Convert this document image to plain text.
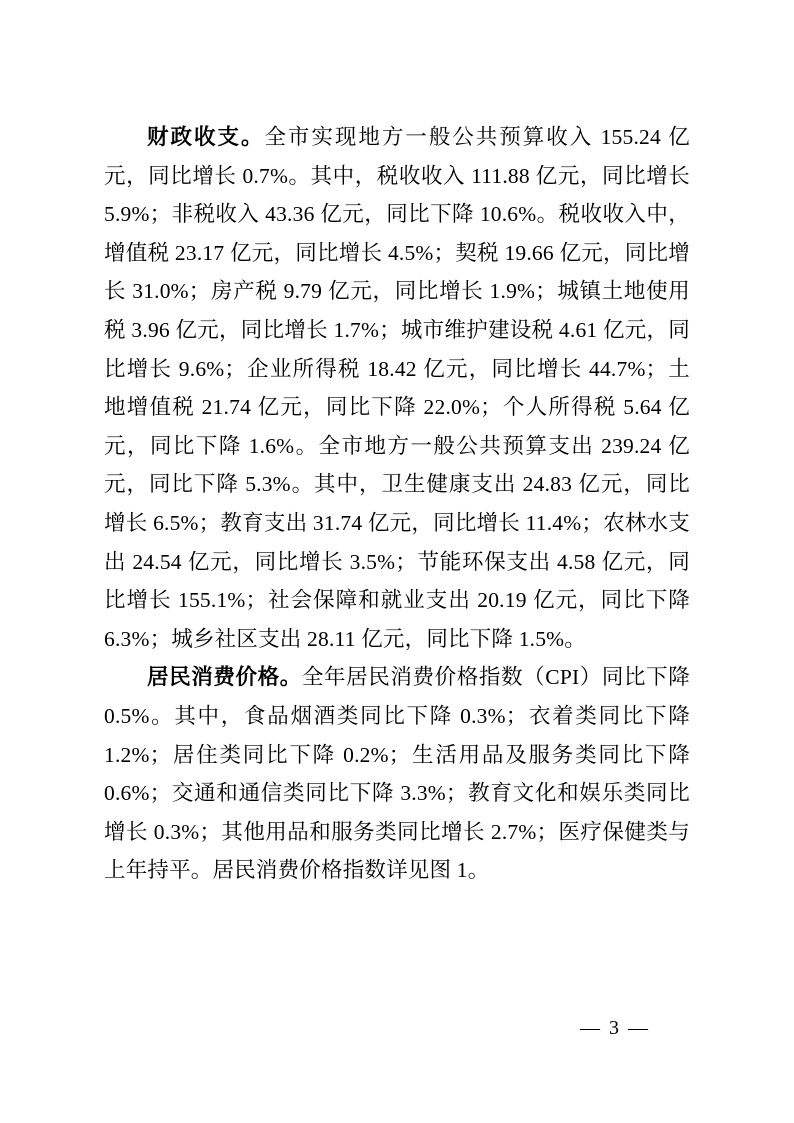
财政收支。全市实现地方一般公共预算收入 155.24 亿元，同比增长 0.7%。其中，税收收入 111.88 亿元，同比增长 5.9%；非税收入 43.36 亿元，同比下降 10.6%。税收收入中，增值税 23.17 亿元，同比增长 4.5%；契税 19.66 亿元，同比增长 31.0%；房产税 9.79 亿元，同比增长 1.9%；城镇土地使用税 3.96 亿元，同比增长 1.7%；城市维护建设税 4.61 亿元，同比增长 9.6%；企业所得税 18.42 亿元，同比增长 44.7%；土地增值税 21.74 亿元，同比下降 22.0%；个人所得税 5.64 亿元，同比下降 1.6%。全市地方一般公共预算支出 239.24 亿元，同比下降 5.3%。其中，卫生健康支出 24.83 亿元，同比增长 6.5%；教育支出 31.74 亿元，同比增长 11.4%；农林水支出 24.54 亿元，同比增长 3.5%；节能环保支出 4.58 亿元，同比增长 155.1%；社会保障和就业支出 20.19 亿元，同比下降 6.3%；城乡社区支出 28.11 亿元，同比下降 1.5%。

居民消费价格。全年居民消费价格指数（CPI）同比下降 0.5%。其中，食品烟酒类同比下降 0.3%；衣着类同比下降 1.2%；居住类同比下降 0.2%；生活用品及服务类同比下降 0.6%；交通和通信类同比下降 3.3%；教育文化和娱乐类同比增长 0.3%；其他用品和服务类同比增长 2.7%；医疗保健类与上年持平。居民消费价格指数详见图 1。

— 3 —
